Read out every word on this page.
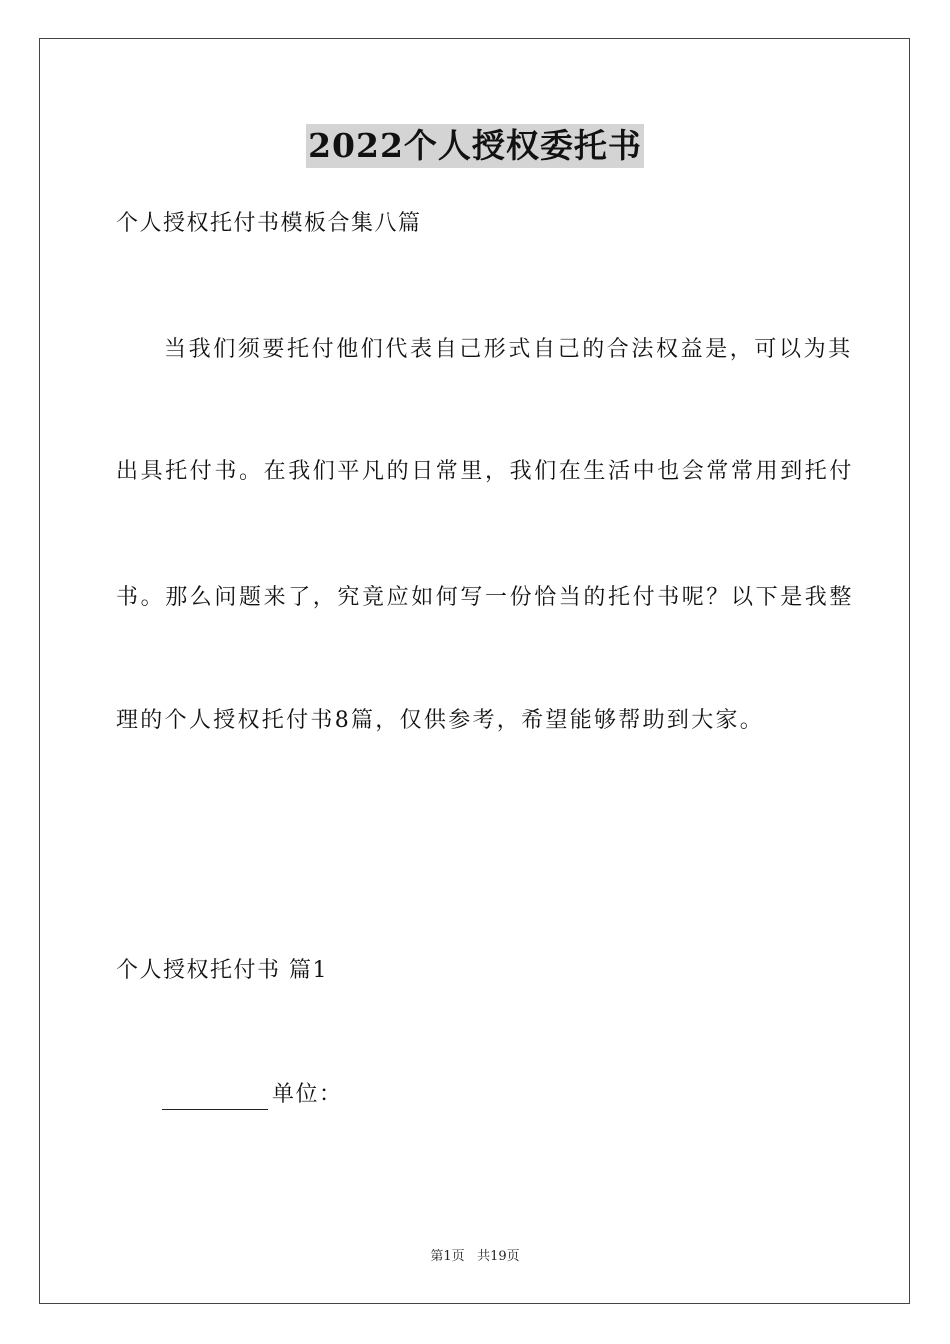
2022个人授权委托书
个人授权托付书模板合集八篇
当我们须要托付他们代表自己形式自己的合法权益是，可以为其
出具托付书。在我们平凡的日常里，我们在生活中也会常常用到托付
书。那么问题来了，究竟应如何写一份恰当的托付书呢？以下是我整
理的个人授权托付书8篇，仅供参考，希望能够帮助到大家。
个人授权托付书 篇1
单位：
第1页 共19页
